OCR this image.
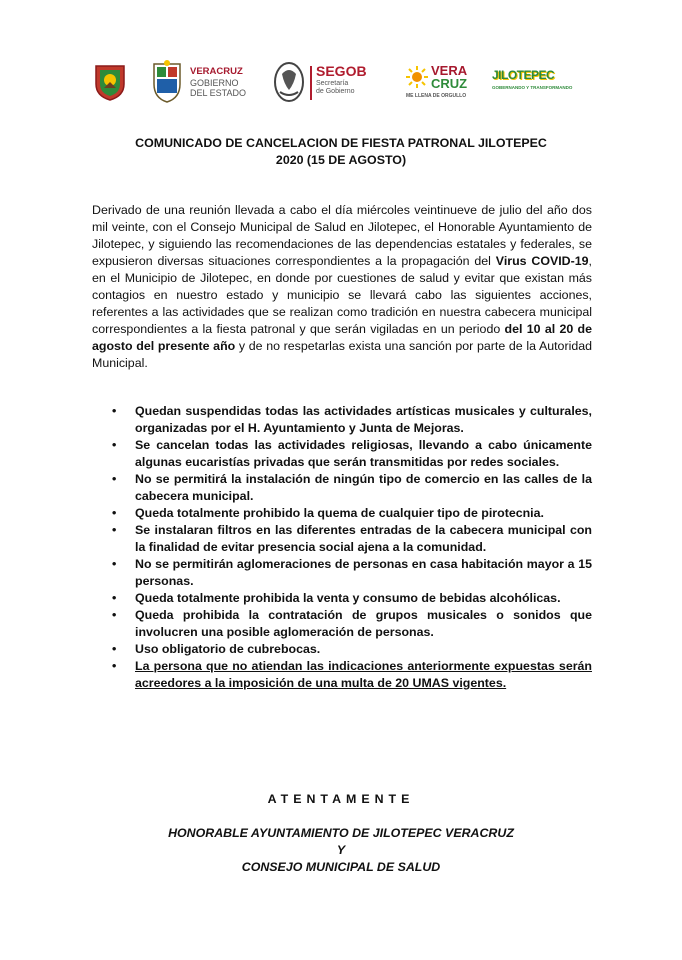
VERACRUZ
GOBIERNO
DEL ESTADO
SEGOB
Secretaría
de Gobierno
VERA
CRUZ
ME LLENA DE ORGULLO
JILOTEPEC
GOBERNANDO Y TRANSFORMANDO
COMUNICADO DE CANCELACION DE FIESTA PATRONAL JILOTEPEC
2020 (15 DE AGOSTO)

Derivado de una reunión llevada a cabo el día miércoles veintinueve de julio del año dos mil veinte, con el Consejo Municipal de Salud en Jilotepec, el Honorable Ayuntamiento de Jilotepec, y siguiendo las recomendaciones de las dependencias estatales y federales, se expusieron diversas situaciones correspondientes a la propagación del Virus COVID-19, en el Municipio de Jilotepec, en donde por cuestiones de salud y evitar que existan más contagios en nuestro estado y municipio se llevará cabo las siguientes acciones, referentes a las actividades que se realizan como tradición en nuestra cabecera municipal correspondientes a la fiesta patronal y que serán vigiladas en un periodo del 10 al 20 de agosto del presente año y de no respetarlas exista una sanción por parte de la Autoridad Municipal.

• Quedan suspendidas todas las actividades artísticas musicales y culturales, organizadas por el H. Ayuntamiento y Junta de Mejoras.
• Se cancelan todas las actividades religiosas, llevando a cabo únicamente algunas eucaristías privadas que serán transmitidas por redes sociales.
• No se permitirá la instalación de ningún tipo de comercio en las calles de la cabecera municipal.
• Queda totalmente prohibido la quema de cualquier tipo de pirotecnia.
• Se instalaran filtros en las diferentes entradas de la cabecera municipal con la finalidad de evitar presencia social ajena a la comunidad.
• No se permitirán aglomeraciones de personas en casa habitación mayor a 15 personas.
• Queda totalmente prohibida la venta y consumo de bebidas alcohólicas.
• Queda prohibida la contratación de grupos musicales o sonidos que involucren una posible aglomeración de personas.
• Uso obligatorio de cubrebocas.
• La persona que no atiendan las indicaciones anteriormente expuestas serán acreedores a la imposición de una multa de 20 UMAS vigentes.
ATENTAMENTE
HONORABLE AYUNTAMIENTO DE JILOTEPEC VERACRUZ
Y
CONSEJO MUNICIPAL DE SALUD
